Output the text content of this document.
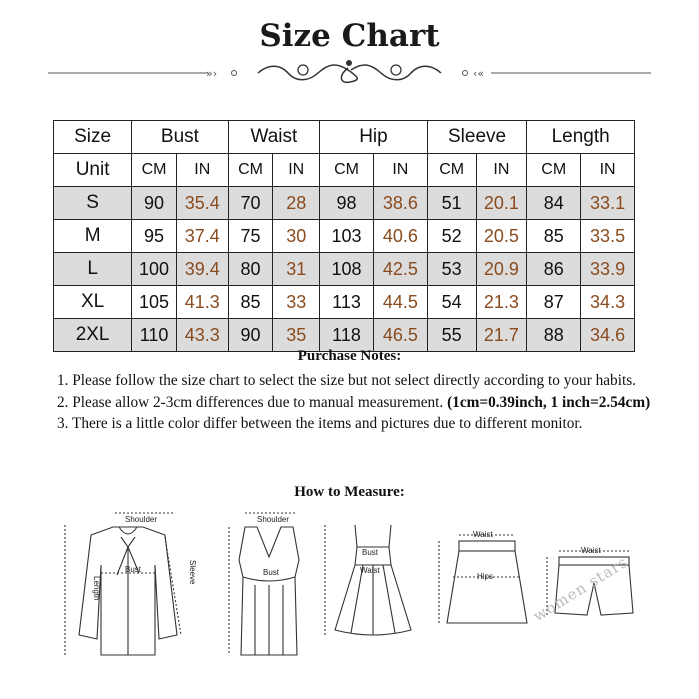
Size Chart
»›	‹«
Size	Bust		Waist		Hip		Sleeve		Length	
Unit	CM	IN	CM	IN	CM	IN	CM	IN	CM	IN
S	90	35.4	70	28	98	38.6	51	20.1	84	33.1
M	95	37.4	75	30	103	40.6	52	20.5	85	33.5
L	100	39.4	80	31	108	42.5	53	20.9	86	33.9
XL	105	41.3	85	33	113	44.5	54	21.3	87	34.3
2XL	110	43.3	90	35	118	46.5	55	21.7	88	34.6
Purchase Notes:

1. Please follow the size chart to select the size but not select directly according to your habits.

2. Please allow 2-3cm differences due to manual measurement. (1cm=0.39inch, 1 inch=2.54cm)

3. There is a little color differ between the items and pictures due to different monitor.

How to Measure:
Shoulder
Bust
Length
Sleeve
Shoulder
Bust
Bust
Waist
Waist
Hips
Waist
women stars
